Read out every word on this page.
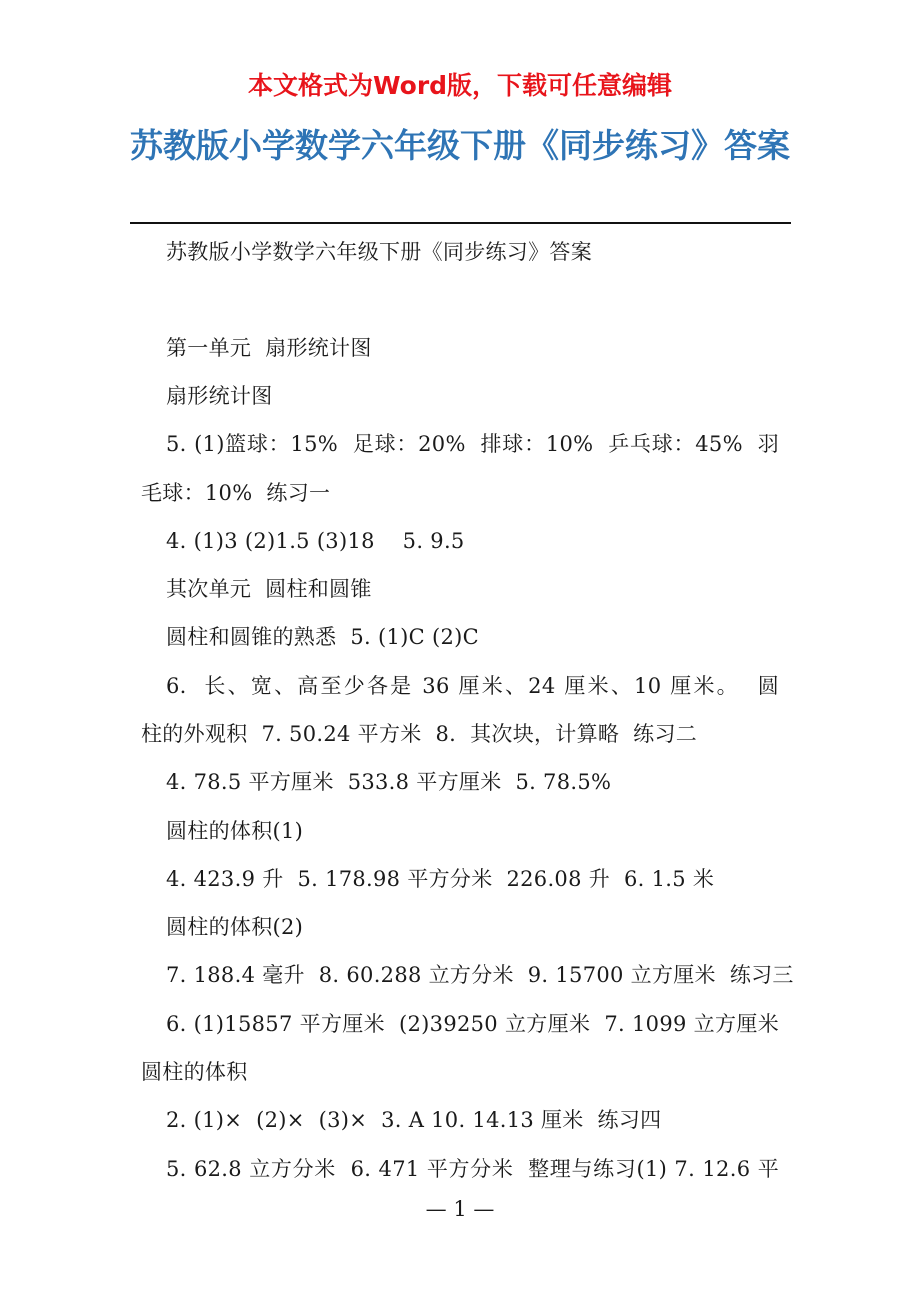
本文格式为Word版，下载可任意编辑
苏教版小学数学六年级下册《同步练习》答案
苏教版小学数学六年级下册《同步练习》答案
第一单元  扇形统计图
扇形统计图
5. (1)篮球：15%  足球：20%  排球：10%  乒乓球：45%  羽
毛球：10%  练习一
4. (1)3 (2)1.5 (3)18    5. 9.5
其次单元  圆柱和圆锥
圆柱和圆锥的熟悉  5. (1)C (2)C
6.  长、宽、高至少各是 36 厘米、24 厘米、10 厘米。  圆
柱的外观积  7. 50.24 平方米  8.  其次块，计算略  练习二
4. 78.5 平方厘米  533.8 平方厘米  5. 78.5%
圆柱的体积(1)
4. 423.9 升  5. 178.98 平方分米  226.08 升  6. 1.5 米
圆柱的体积(2)
7. 188.4 毫升  8. 60.288 立方分米  9. 15700 立方厘米  练习三
6. (1)15857 平方厘米  (2)39250 立方厘米  7. 1099 立方厘米
圆柱的体积
2. (1)×  (2)×  (3)×  3. A 10. 14.13 厘米  练习四
5. 62.8 立方分米  6. 471 平方分米  整理与练习(1) 7. 12.6 平
— 1 —
